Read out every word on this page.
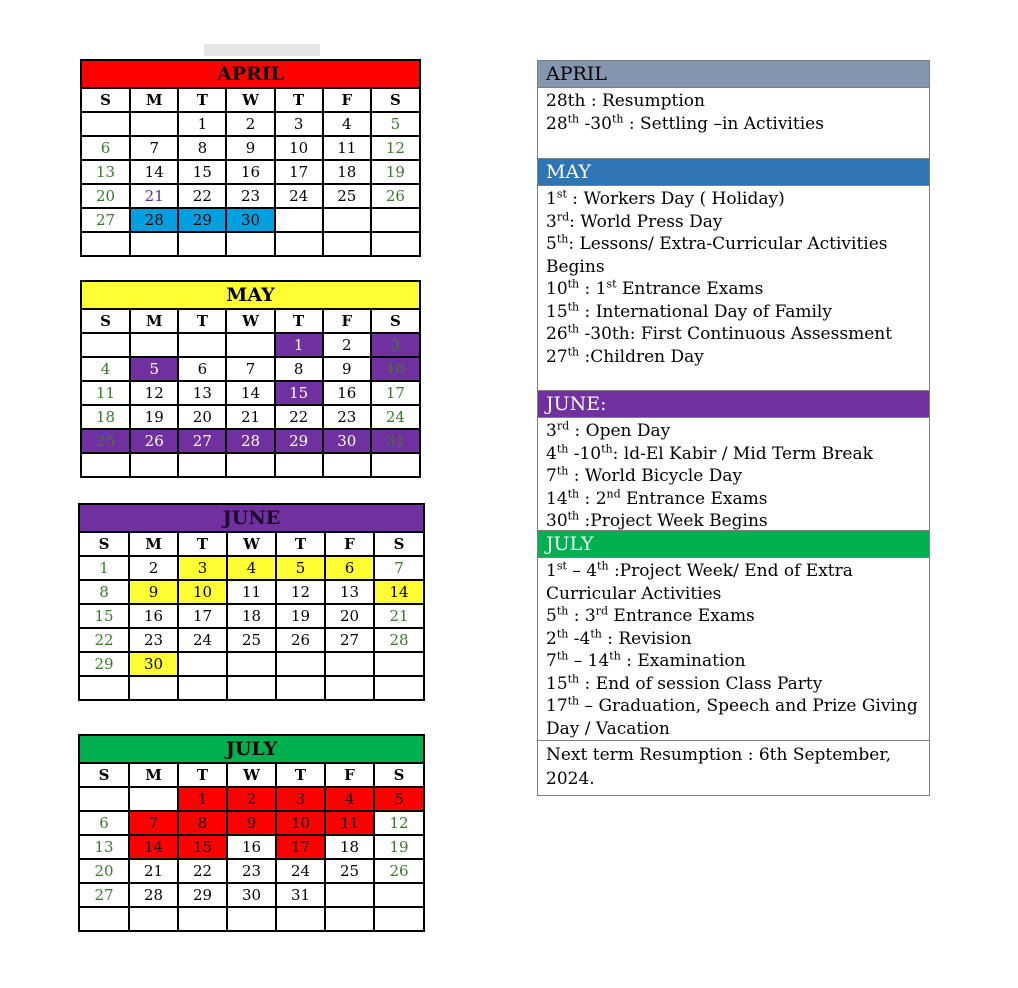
APRIL
S	M	T	W	T	F	S
		1	2	3	4	5
6	7	8	9	10	11	12
13	14	15	16	17	18	19
20	21	22	23	24	25	26
27	28	29	30			

MAY
S	M	T	W	T	F	S
				1	2	3
4	5	6	7	8	9	10
11	12	13	14	15	16	17
18	19	20	21	22	23	24
25	26	27	28	29	30	31

JUNE
S	M	T	W	T	F	S
1	2	3	4	5	6	7
8	9	10	11	12	13	14
15	16	17	18	19	20	21
22	23	24	25	26	27	28
29	30					

JULY
S	M	T	W	T	F	S
		1	2	3	4	5
6	7	8	9	10	11	12
13	14	15	16	17	18	19
20	21	22	23	24	25	26
27	28	29	30	31		

APRIL
28th : Resumption
28th -30th : Settling –in Activities
MAY
1st : Workers Day ( Holiday)
3rd: World Press Day
5th: Lessons/ Extra-Curricular Activities Begins
10th : 1st Entrance Exams
15th : International Day of Family
26th -30th: First Continuous Assessment
27th :Children Day
JUNE:
3rd : Open Day
4th -10th: ld-El Kabir / Mid Term Break
7th : World Bicycle Day
14th : 2nd Entrance Exams
30th :Project Week Begins
JULY
1st – 4th :Project Week/ End of Extra Curricular Activities
5th : 3rd Entrance Exams
2th -4th : Revision
7th – 14th : Examination
15th : End of session Class Party
17th – Graduation, Speech and Prize Giving Day / Vacation
Next term Resumption : 6th September, 2024.
